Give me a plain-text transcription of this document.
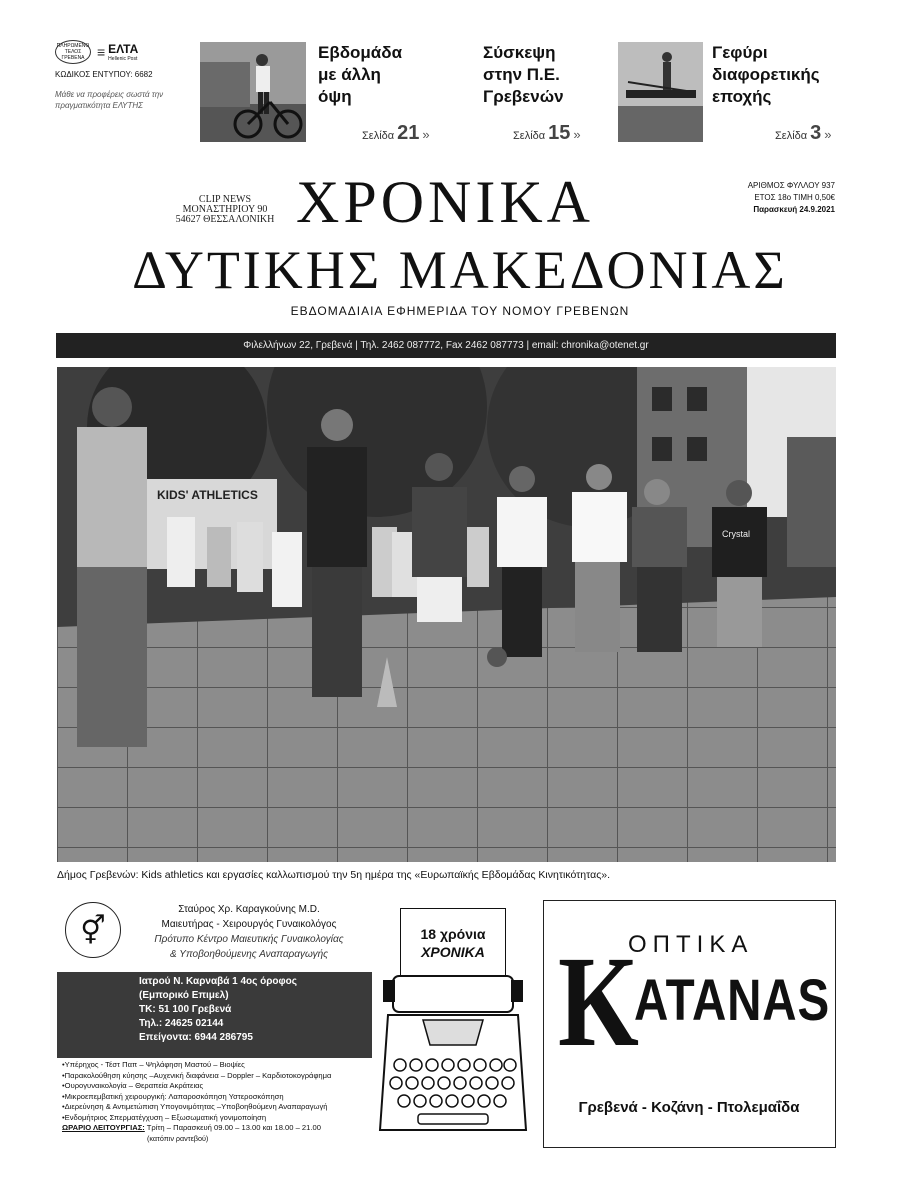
ΠΛΗΡΩΜΕΝΟ ΤΕΛΟΣ ΓΡΕΒΕΝΑ ≡ ΕΛΤΑ
Hellenic Post
ΚΩΔΙΚΟΣ ΕΝΤΥΠΟΥ: 6682
Μάθε να προφέρεις σωστά την πραγματικότητα ΕΛΥΤΗΣ
Εβδομάδα
με άλλη
όψη
Σελίδα 21 »
Σύσκεψη
στην Π.Ε.
Γρεβενών
Σελίδα 15 »
Γεφύρι
διαφορετικής
εποχής
Σελίδα 3 »
ΧΡΟΝΙΚΑ
CLIP NEWS
ΜΟΝΑΣΤΗΡΙΟΥ 90
54627 ΘΕΣΣΑΛΟΝΙΚΗ
ΑΡΙΘΜΟΣ ΦΥΛΛΟΥ 937
ΕΤΟΣ 18ο ΤΙΜΗ 0,50€
Παρασκευή 24.9.2021
ΔΥΤΙΚΗΣ ΜΑΚΕΔΟΝΙΑΣ
ΕΒΔΟΜΑΔΙΑΙΑ ΕΦΗΜΕΡΙΔΑ ΤΟΥ ΝΟΜΟΥ ΓΡΕΒΕΝΩΝ
Φιλελλήνων 22, Γρεβενά | Τηλ. 2462 087772, Fax 2462 087773 | email: chronika@otenet.gr
KIDS' ATHLETICS
Crystal
Δήμος Γρεβενών: Kids athletics και εργασίες καλλωπισμού την 5η ημέρα της «Ευρωπαϊκής Εβδομάδας Κινητικότητας».
⚥
Σταύρος Χρ. Καραγκούνης M.D.
Μαιευτήρας - Χειρουργός Γυναικολόγος
Πρότυπο Κέντρο Μαιευτικής Γυναικολογίας
& Υποβοηθούμενης Αναπαραγωγής
Ιατρού Ν. Καρναβά 1 4ος όροφος
(Εμπορικό Επιμελ)
ΤΚ: 51 100 Γρεβενά
Τηλ.: 24625 02144
Επείγοντα: 6944 286795
•Υπέρηχος - Τέστ Παπ – Ψηλάφηση Μαστού – Βιοψίες
•Παρακολούθηση κύησης –Αυχενική διαφάνεια – Doppler – Καρδιοτοκογράφημα
•Ουρογυναικολογία – Θεραπεία Ακράτειας
•Μικροεπεμβατική χειρουργική: Λαπαροσκόπηση Υστεροσκόπηση
•Διερεύνηση & Αντιμετώπιση Υπογονιμότητας –Υποβοηθούμενη Αναπαραγωγή
•Ενδομήτριος Σπερματέγχυση – Εξωσωματική γονιμοποίηση
ΩΡΑΡΙΟ ΛΕΙΤΟΥΡΓΙΑΣ: Τρίτη – Παρασκευή 09.00 – 13.00 και 18.00 – 21.00
(κατόπιν ραντεβού)
18 χρόνια
ΧΡΟΝΙΚΑ	ΟΠΤΙΚΑ
K
ATANAS
Γρεβενά - Κοζάνη - Πτολεμαΐδα
